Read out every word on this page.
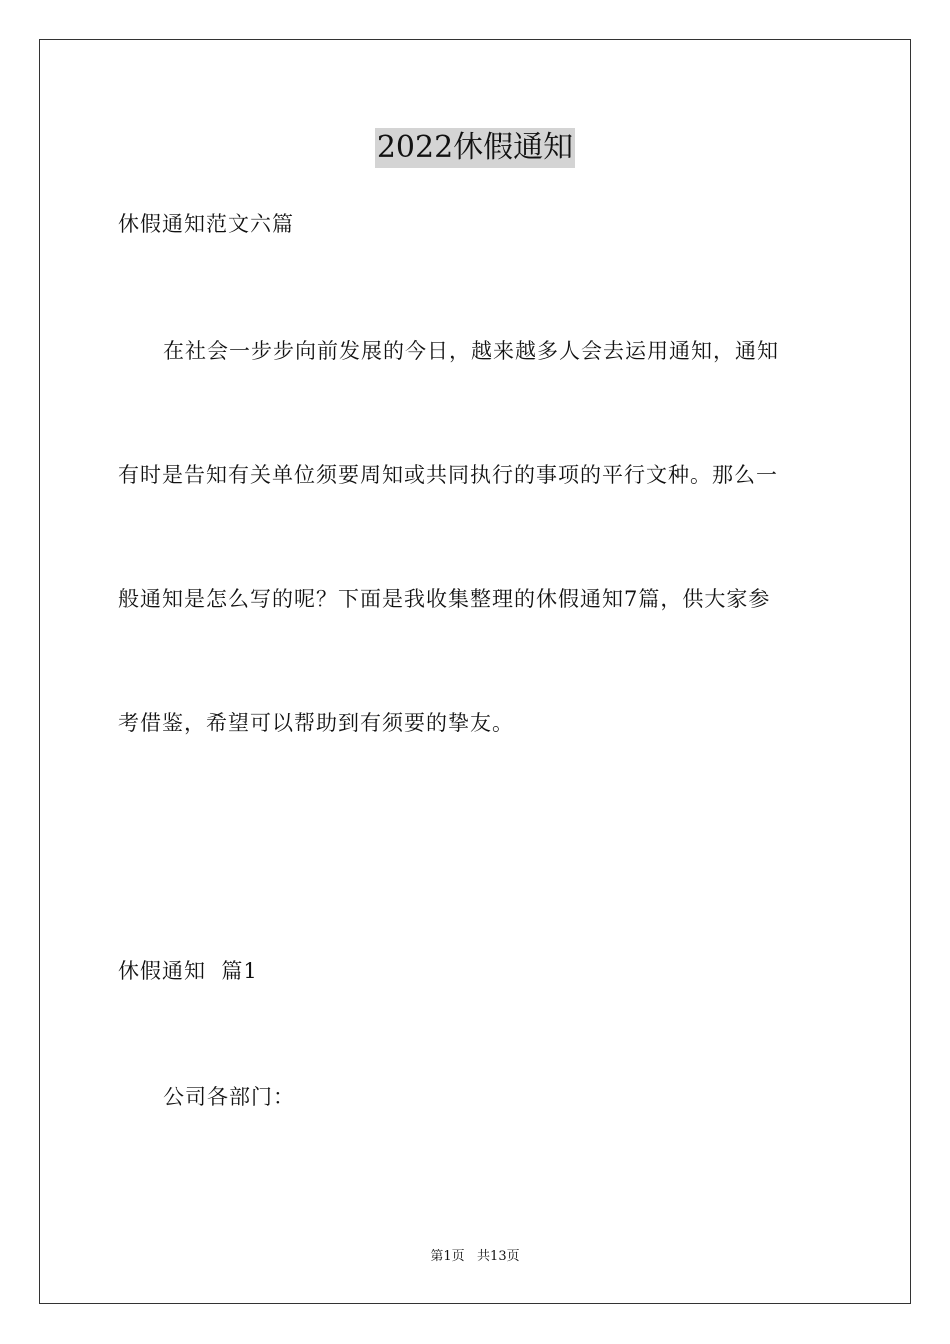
2022休假通知
休假通知范文六篇
在社会一步步向前发展的今日，越来越多人会去运用通知，通知
有时是告知有关单位须要周知或共同执行的事项的平行文种。那么一
般通知是怎么写的呢？下面是我收集整理的休假通知7篇，供大家参
考借鉴，希望可以帮助到有须要的挚友。
休假通知  篇1
公司各部门：
第1页   共13页
